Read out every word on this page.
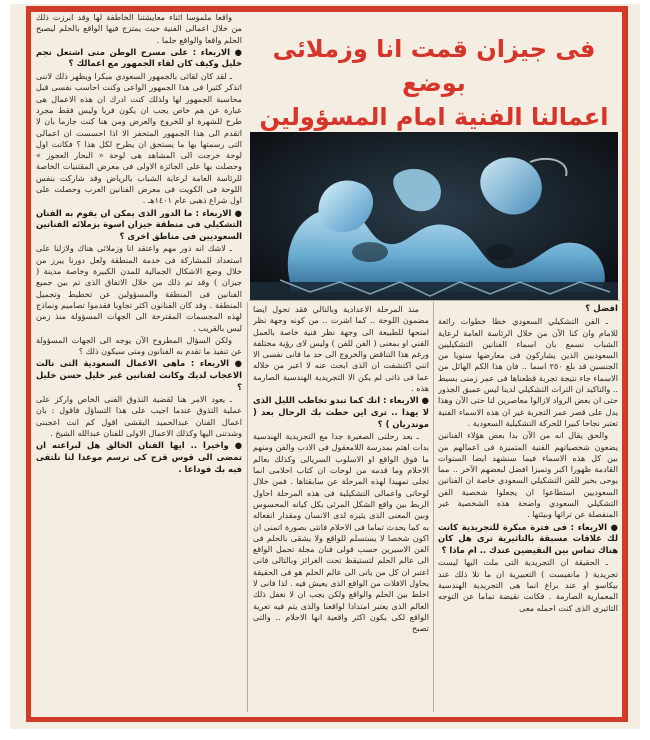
فى جيزان قمت انا وزملائى بوضع
اعمالنا الفنية امام المسؤولين

افضل ؟

ـ الفن التشكيلي السعودي خطا خطوات رائعة للامام وان كنا الآن من خلال الرئاسة العامة لرعاية الشباب نسمع بان اسماء الفنانين التشكيليين السعوديين الذين يشاركون فى معارضها سنويا من الجنسين قد بلغ ٢٥٠ اسما .. فان هذا الكم الهائل من الاسماء جاء نتيجة تجربة قطعناها فى عمر زمنى بسيط .. والتاكيد ان التراث التشكيلي لدينا ليس عميق الجذور حتى ان بعض الرواد لازالوا معاصرين لنا حتى الآن وهذا يدل على قصر عمر التجربة غير ان هذه الاسماء الفنية تعتبر نجاحا كبيرا للحركة التشكيلية السعودية .

والحق يقال انه من الآن بدا بعض هؤلاء الفنانين يضعون شخصياتهم الفنية المتميزة فى اعمالهم من بين كل هذه الاسماء فيما سنشهد ايضا السنوات القادمة ظهورا اكبر وتميزا افضل لبعضهم الآخر .. مما يوحى بخير للفن التشكيلي السعودي خاصة ان الفنانين السعوديين استطاعوا ان يجعلوا شخصية الفن التشكيلي السعودي واضحة هذه الشخصية غير المنفصلة عن تراثها وبيئتها .

● الاربعاء : فى فترة مبكرة للتجريدية كانت لك علاقات مسبقة بالتاثيرية ترى هل كان هناك تماس بين النقيضين عندك .. ام ماذا ؟

ـ الحقيقة ان التجريدية التى ملت اليها ليست تجريدية ( مانفيست ) التعبيرية ان ما تلا ذلك عند بيكاسو او عند براغ انما هى التجريدية الهندسية المعمارية الصارمة . فكانت نقيضة تماما عن التوجه التاثيري الذى كنت احمله معى

منذ المرحلة الاعدادية وبالتالي فقد تحول ايضا مضمون اللوحة .. كما اشرت .. من كونه وجهة نظر امنحها للطبيعة الى وجهة نظر فنية خاصة بالعمل الفني او بمعنى ( الفن للفن ) وليس لاى رؤية مختلفة ورغم هذا التناقض والخروج الى حد ما فانى نفسى الا انني اكتشفت ان الذى ابحث عنه لا اعبر من خلاله عما فى ذاتى لم يكن الا التجريدية الهندسية الصارمة هذه .

● الاربعاء : انك كما تبدو تخاطب الليل الذى لا يهدا .. ترى اين حطت بك الرحال بعد ( موندريان ) ؟

ـ بعد رحلتى الصغيرة جدا مع التجريدية الهندسية بدات اهتم بمدرسة اللامعقول فى الادب والفن ومنهم ما فوق الواقع او الاسلوب السريالى وكذلك بعالم الاحلام وما قدمه من لوحات ان كتاب احلامى انما تجلى تمهيدا لهذه المرحلة عن سابقتاها . فمن خلال لوحاتى واعمالى التشكيلية فى هذه المرحلة احاول الربط بين واقع الشكل المرئى بكل كيانه المحسوس وبين المعنى الذى يثيره لدى الانسان ومقدار انفعاله به كما يحدث تماما فى الاحلام فانتى بصورة اتمنى ان اكون شخصا لا يستسلم للواقع ولا يشقى بالحلم فى الفن الاسيرين حسب قولى فنان مجلة تحمل الواقع الى عالم الحلم لتستيقظ تحت الغرائز وبالتالى فانى اعتبر ان كل من ياتى الى عالم الحلم هو فى الحقيقة يحاول الافلات من الواقع الذى يعيش فيه . لذا فانى لا اخلط بين الحلم والواقع ولكن يجب ان لا نغفل ذلك العالم الذى يعتبر امتدادا لواقعنا والذى يتم فيه تعرية الواقع لكى يكون اكثر واقعية انها الاحلام .. والتى تصبح

واقعا ملموسا اثناء معايشتنا الخاطفة لها وقد ابرزت ذلك من خلال اعمالى الفنية حيث يمتزج فيها الواقع بالحلم ليصبح الحلم واقعا والواقع حلما .

● الاربعاء : على مسرح الوطن متى اشتعل نجم خليل وكيف كان لقاء الجمهور مع اعمالك ؟

ـ لقد كان لقائى بالجمهور السعودي مبكرا ويظهر ذلك لاننى اتذكر كثيرا فى هذا الجمهور الواعى وكنت احاسب نفسى قبل محاسبة الجمهور لها ولذلك كنت ادرك ان هذه الاعمال هى عبارة عن هم خاص يجب ان يكون فريا وليس فقط مجرد طرح للشهرة او للخروج والعرض ومن هنا كنت جازما بان لا اتقدم الى هذا الجمهور المتحفز الا اذا احسست ان اعمالى التى رسمتها بها ما يستحق ان يطرح لكل هذا ؟ فكانت اول لوحة خرجت الى المشاهد هى لوحة « البحار العجوز » وحصلت بها على الجائزة الاولى فى معرض المقتنيات الخاصة للرئاسة العامة لرعاية الشباب بالرياض وقد شاركت بنفس اللوحة فى الكويت فى معرض الفنانين العرب وحصلت على اول شراع ذهبى عام ١٤٠١هـ .

● الاربعاء : ما الدور الذى يمكن ان يقوم به الفنان التشكيلي فى منطقة جيزان اسوة بزملائه الفنانين السعوديين فى مناطق اخرى ؟

ـ لاشك انه دور مهم واعتقد انا وزملائى هناك ولازلنا على استعداد للمشاركة فى خدمة المنطقة ولعل دورنا يبرز من خلال وضع الاشكال الجمالية للمدن الكبيرة وخاصة مدينة ( جيزان ) وقد تم ذلك من خلال الاتفاق الذى تم بين جميع الفنانين فى المنطقة والمسؤولين عن تخطيط وتجميل المنطقة . وقد كان الفنانون اكثر تجاوبا فقدموا تصاميم ونماذج لهذه المجسمات المقترحة الى الجهات المسؤولة منذ زمن ليس بالقريب .

ولكن السؤال المطروح الآن يوجه الى الجهات المسؤولة عن تنفيذ ما تقدم به الفنانون ومتى سيكون ذلك ؟

● الاربعاء : ماهى الاعمال السعودية التى نالت الاعجاب لديك وكانت لفنانين غير خليل حسن خليل ؟

ـ يعود الامر هنا لقضية التذوق الفنى الخاص واركز على عملية التذوق عندما اجيب على هذا التساؤل فاقول : بان اعمال الفنان عبدالحميد البقشى اقول كم انت اعجبنى وشدتنى اليها وكذلك الاعمال الاولى للفنان عبدالله الشيخ .

● واخيرا .. ايها الفنان الخالق هل لبراعته ان تمضى الى قوس قزح كى ترسم موعدا لنا نلتقى فيه بك فوداعا .
